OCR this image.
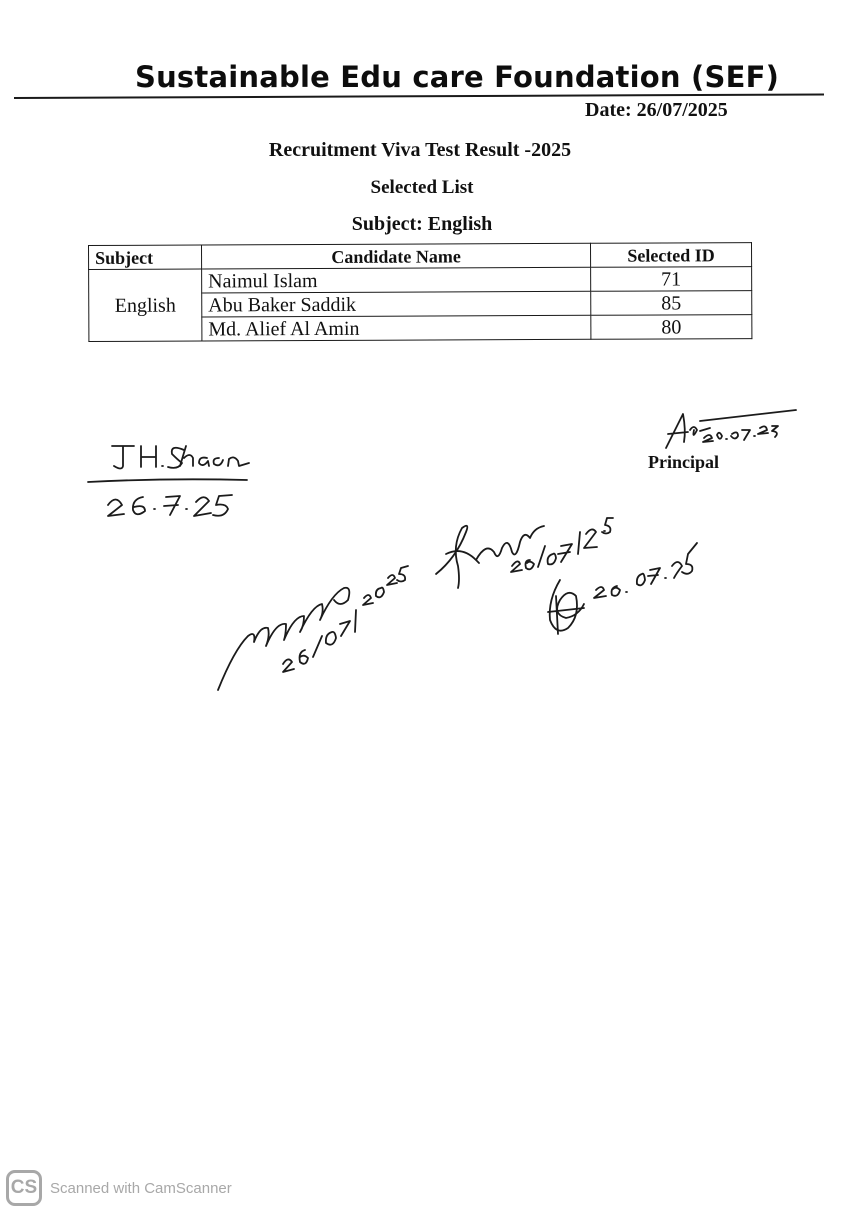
Sustainable Edu care Foundation (SEF)
Date: 26/07/2025
Recruitment Viva Test Result -2025
Selected List
Subject: English
Subject	Candidate Name	Selected ID
English	Naimul Islam	71
	Abu Baker Saddik	85
	Md. Alief Al Amin	80
Principal
CS Scanned with CamScanner
